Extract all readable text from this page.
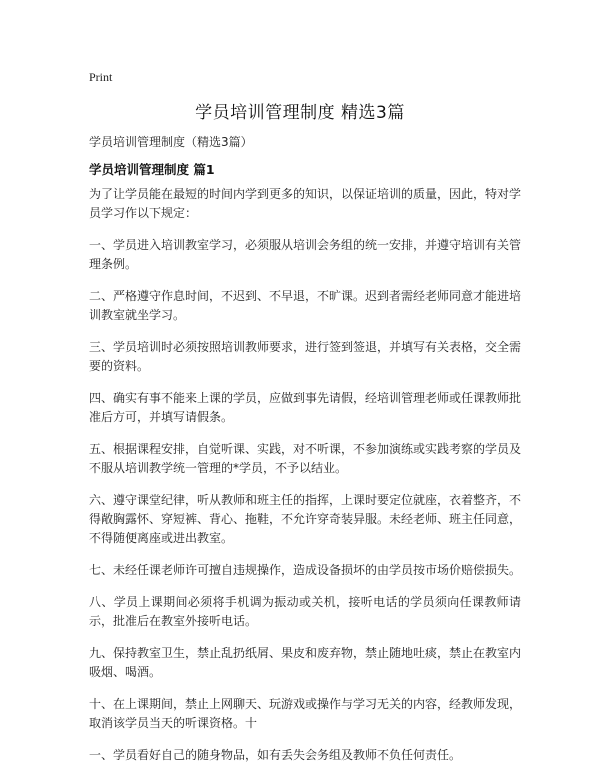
Print
学员培训管理制度 精选3篇
学员培训管理制度（精选3篇）
学员培训管理制度 篇1

为了让学员能在最短的时间内学到更多的知识，以保证培训的质量，因此，特对学员学习作以下规定：

一、学员进入培训教室学习，必须服从培训会务组的统一安排，并遵守培训有关管理条例。

二、严格遵守作息时间，不迟到、不早退，不旷课。迟到者需经老师同意才能进培训教室就坐学习。

三、学员培训时必须按照培训教师要求，进行签到签退，并填写有关表格，交全需要的资料。

四、确实有事不能来上课的学员，应做到事先请假，经培训管理老师或任课教师批准后方可，并填写请假条。

五、根据课程安排，自觉听课、实践，对不听课，不参加演练或实践考察的学员及不服从培训教学统一管理的*学员，不予以结业。

六、遵守课堂纪律，听从教师和班主任的指挥，上课时要定位就座，衣着整齐，不得敞胸露怀、穿短裤、背心、拖鞋，不允许穿奇装异服。未经老师、班主任同意，不得随便离座或进出教室。

七、未经任课老师许可擅自违规操作，造成设备损坏的由学员按市场价赔偿损失。

八、学员上课期间必须将手机调为振动或关机，接听电话的学员须向任课教师请示，批准后在教室外接听电话。

九、保持教室卫生，禁止乱扔纸屑、果皮和废弃物，禁止随地吐痰，禁止在教室内吸烟、喝酒。

十、在上课期间，禁止上网聊天、玩游戏或操作与学习无关的内容，经教师发现，取消该学员当天的听课资格。十

一、学员看好自己的随身物品，如有丢失会务组及教师不负任何责任。
